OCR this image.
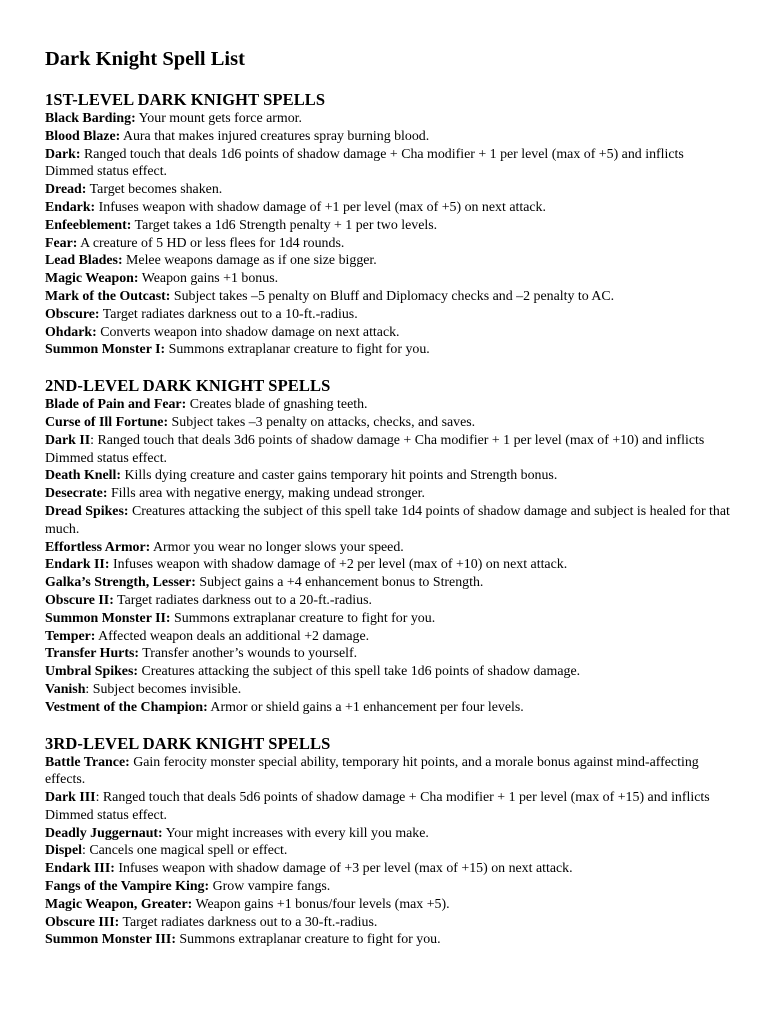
Dark Knight Spell List
1ST-LEVEL DARK KNIGHT SPELLS

Black Barding: Your mount gets force armor.

Blood Blaze: Aura that makes injured creatures spray burning blood.

Dark: Ranged touch that deals 1d6 points of shadow damage + Cha modifier + 1 per level (max of +5) and inflicts Dimmed status effect.

Dread: Target becomes shaken.

Endark: Infuses weapon with shadow damage of +1 per level (max of +5) on next attack.

Enfeeblement: Target takes a 1d6 Strength penalty + 1 per two levels.

Fear: A creature of 5 HD or less flees for 1d4 rounds.

Lead Blades: Melee weapons damage as if one size bigger.

Magic Weapon: Weapon gains +1 bonus.

Mark of the Outcast: Subject takes –5 penalty on Bluff and Diplomacy checks and –2 penalty to AC.

Obscure: Target radiates darkness out to a 10-ft.-radius.

Ohdark: Converts weapon into shadow damage on next attack.

Summon Monster I: Summons extraplanar creature to fight for you.

2ND-LEVEL DARK KNIGHT SPELLS

Blade of Pain and Fear: Creates blade of gnashing teeth.

Curse of Ill Fortune: Subject takes –3 penalty on attacks, checks, and saves.

Dark II: Ranged touch that deals 3d6 points of shadow damage + Cha modifier + 1 per level (max of +10) and inflicts Dimmed status effect.

Death Knell: Kills dying creature and caster gains temporary hit points and Strength bonus.

Desecrate: Fills area with negative energy, making undead stronger.

Dread Spikes: Creatures attacking the subject of this spell take 1d4 points of shadow damage and subject is healed for that much.

Effortless Armor: Armor you wear no longer slows your speed.

Endark II: Infuses weapon with shadow damage of +2 per level (max of +10) on next attack.

Galka’s Strength, Lesser: Subject gains a +4 enhancement bonus to Strength.

Obscure II: Target radiates darkness out to a 20-ft.-radius.

Summon Monster II: Summons extraplanar creature to fight for you.

Temper: Affected weapon deals an additional +2 damage.

Transfer Hurts: Transfer another’s wounds to yourself.

Umbral Spikes: Creatures attacking the subject of this spell take 1d6 points of shadow damage.

Vanish: Subject becomes invisible.

Vestment of the Champion: Armor or shield gains a +1 enhancement per four levels.

3RD-LEVEL DARK KNIGHT SPELLS

Battle Trance: Gain ferocity monster special ability, temporary hit points, and a morale bonus against mind-affecting effects.

Dark III: Ranged touch that deals 5d6 points of shadow damage + Cha modifier + 1 per level (max of +15) and inflicts Dimmed status effect.

Deadly Juggernaut: Your might increases with every kill you make.

Dispel: Cancels one magical spell or effect.

Endark III: Infuses weapon with shadow damage of +3 per level (max of +15) on next attack.

Fangs of the Vampire King: Grow vampire fangs.

Magic Weapon, Greater: Weapon gains +1 bonus/four levels (max +5).

Obscure III: Target radiates darkness out to a 30-ft.-radius.

Summon Monster III: Summons extraplanar creature to fight for you.
